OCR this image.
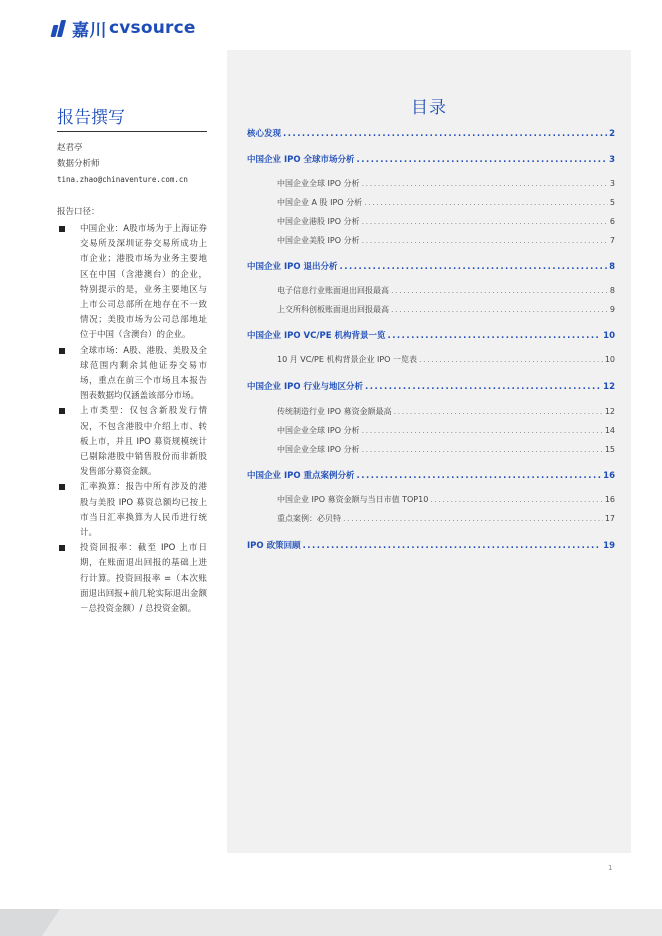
嘉川 cvsource
报告撰写
赵君亭
数据分析师
tina.zhao@chinaventure.com.cn
报告口径：
中国企业：A股市场为于上海证券交易所及深圳证券交易所成功上市企业；港股市场为业务主要地区在中国（含港澳台）的企业，特别提示的是，业务主要地区与上市公司总部所在地存在不一致情况；美股市场为公司总部地址位于中国（含澳台）的企业。
全球市场：A股、港股、美股及全球范围内剩余其他证券交易市场，重点在前三个市场且本报告图表数据均仅涵盖该部分市场。
上市类型：仅包含新股发行情况，不包含港股中介绍上市、转板上市，并且 IPO 募资规模统计已剔除港股中销售股份而非新股发售部分募资金额。
汇率换算：报告中所有涉及的港股与美股 IPO 募资总额均已按上市当日汇率换算为人民币进行统计。
投资回报率：截至 IPO 上市日期，在账面退出回报的基础上进行计算。投资回报率 =（本次账面退出回报+前几轮实际退出金额－总投资金额）/ 总投资金额。
目录
核心发现 .....	2
中国企业 IPO 全球市场分析 .....	3
中国企业全球 IPO 分析 .....	3
中国企业 A 股 IPO 分析 .....	5
中国企业港股 IPO 分析 .....	6
中国企业美股 IPO 分析 .....	7
中国企业 IPO 退出分析 .....	8
电子信息行业账面退出回报最高 .....	8
上交所科创板账面退出回报最高 .....	9
中国企业 IPO VC/PE 机构背景一览 .....	10
10 月 VC/PE 机构背景企业 IPO 一览表 .....	10
中国企业 IPO 行业与地区分析 .....	12
传统制造行业 IPO 募资金额最高 .....	12
中国企业全球 IPO 分析 .....	14
中国企业全球 IPO 分析 .....	15
中国企业 IPO 重点案例分析 .....	16
中国企业 IPO 募资金额与当日市值 TOP10 .....	16
重点案例：必贝特 .....	17
IPO 政策回顾 .....	19
1
